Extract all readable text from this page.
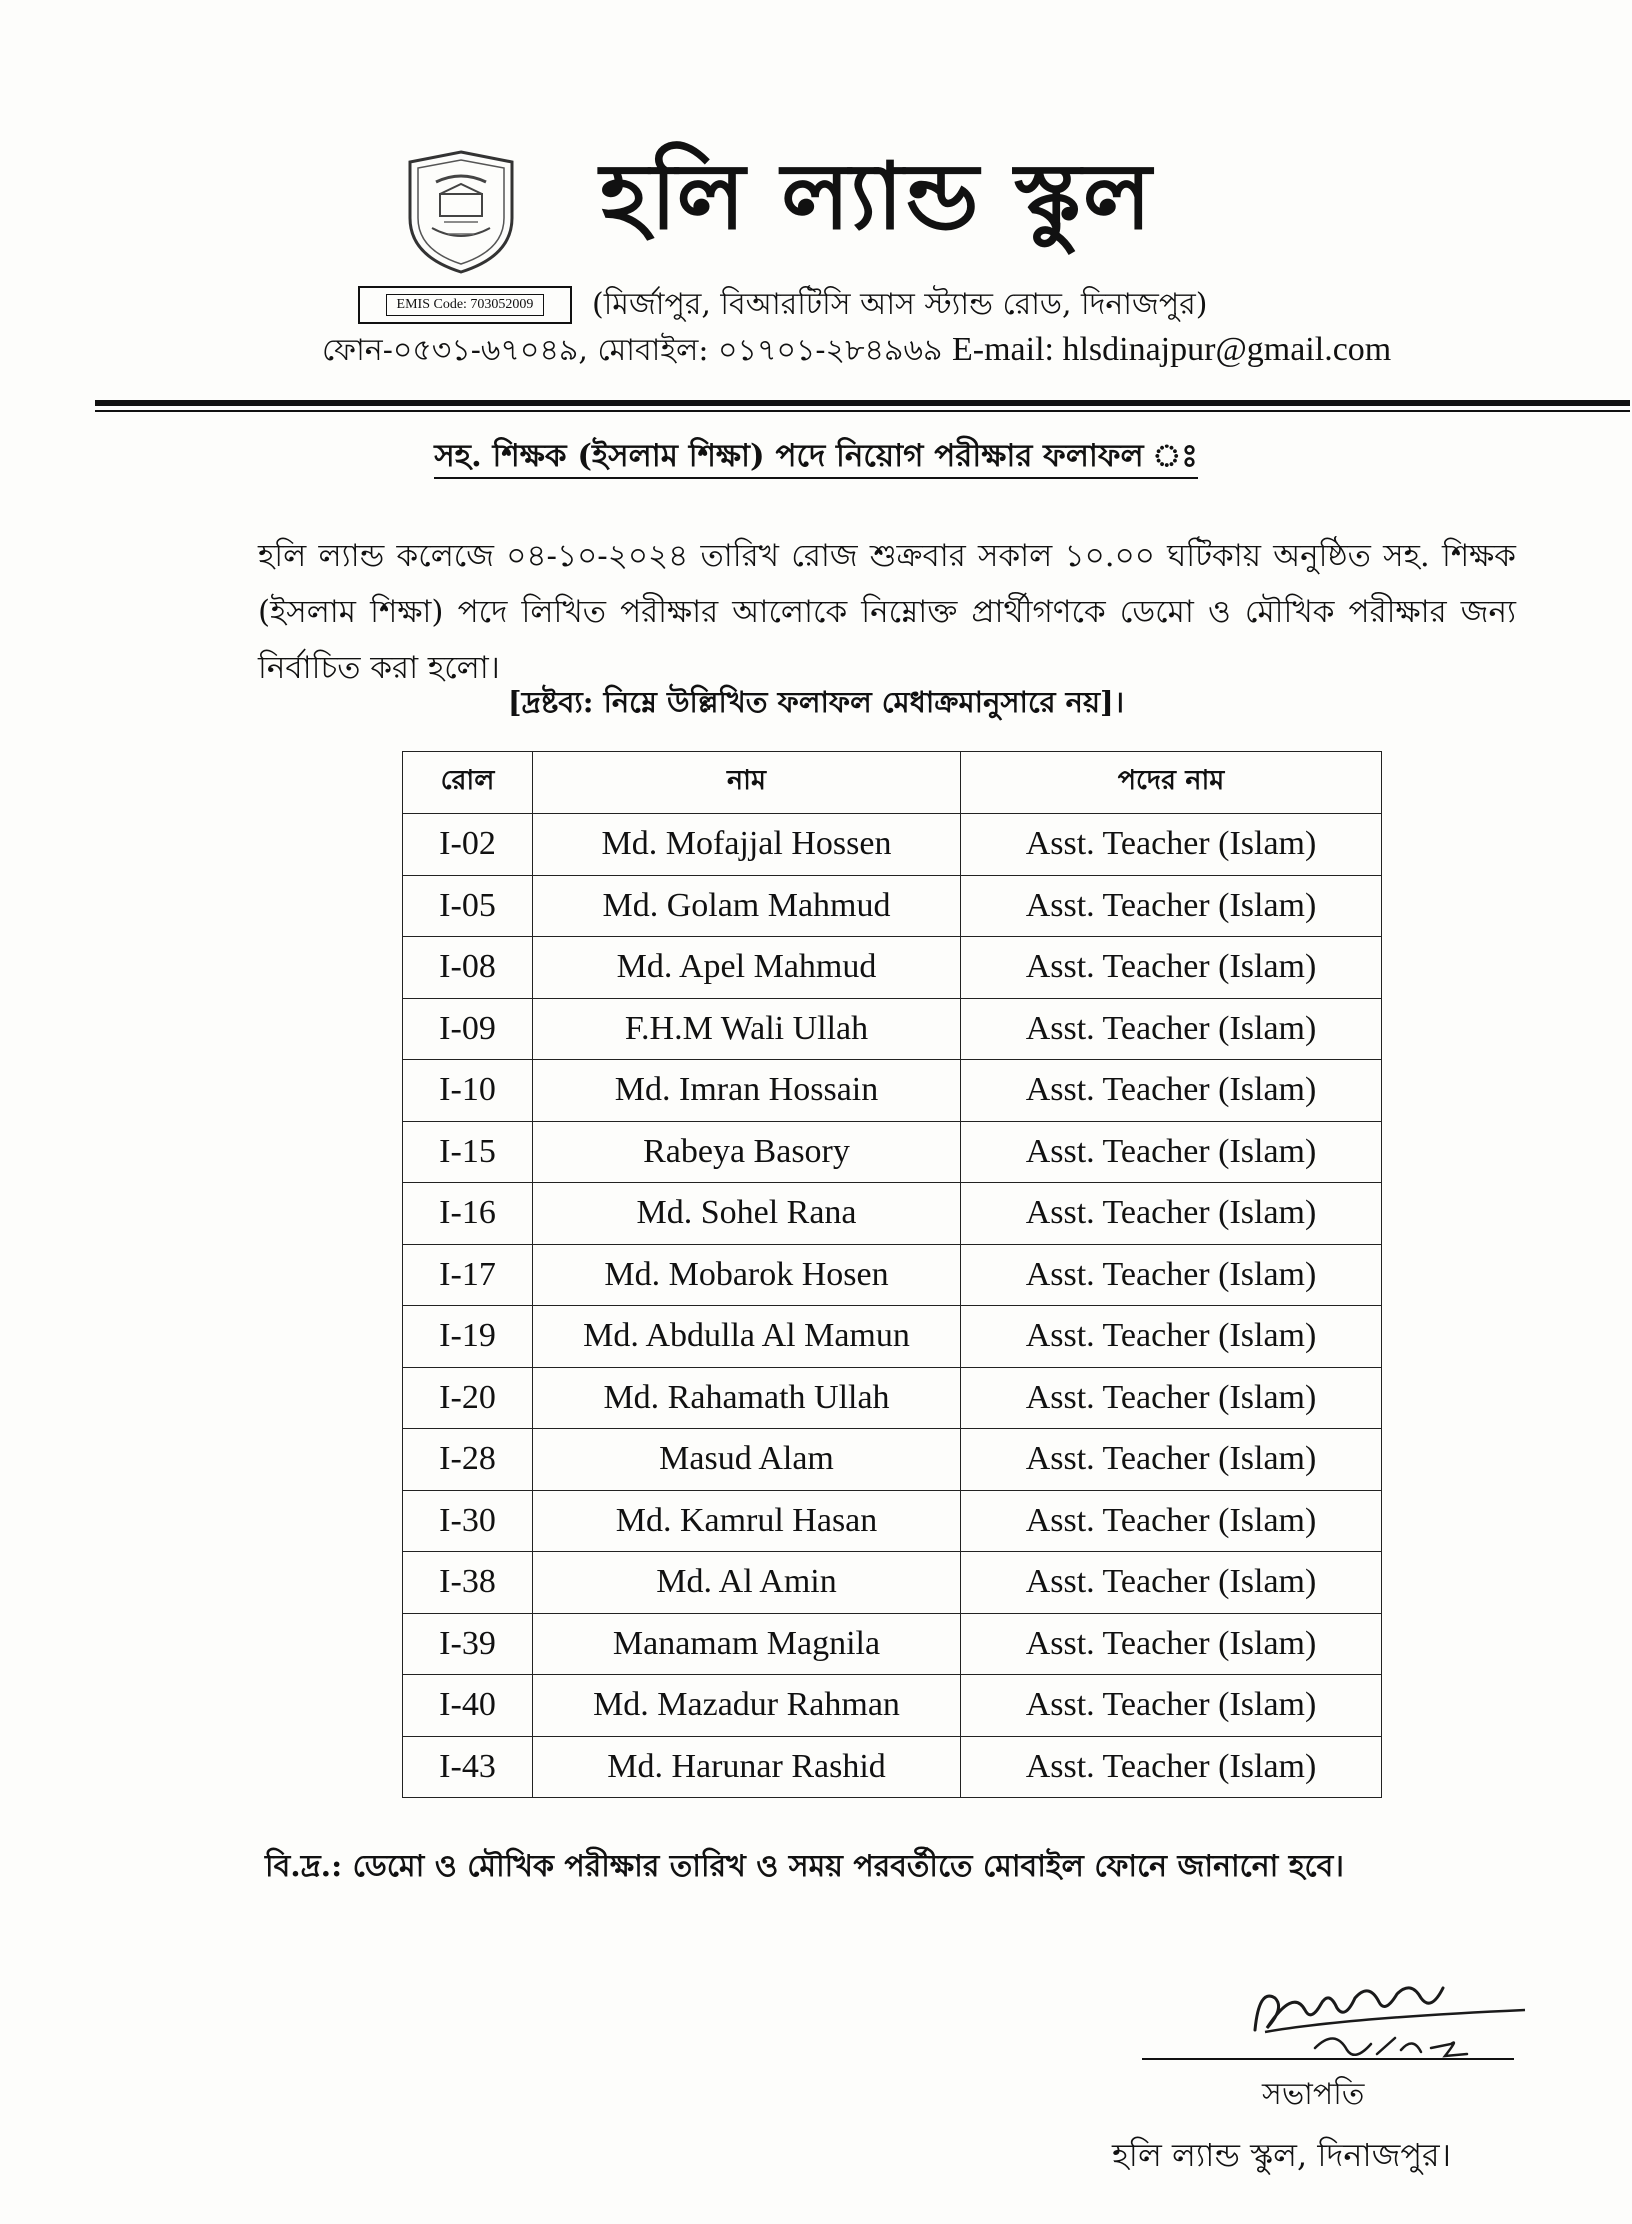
হলি ল্যান্ড স্কুল
EMIS Code: 703052009	(মির্জাপুর, বিআরটিসি আস স্ট্যান্ড রোড, দিনাজপুর)
ফোন-০৫৩১-৬৭০৪৯, মোবাইল: ০১৭০১-২৮৪৯৬৯ E-mail: hlsdinajpur@gmail.com
সহ. শিক্ষক (ইসলাম শিক্ষা) পদে নিয়োগ পরীক্ষার ফলাফল ঃ
হলি ল্যান্ড কলেজে ০৪-১০-২০২৪ তারিখ রোজ শুক্রবার সকাল ১০.০০ ঘটিকায় অনুষ্ঠিত সহ. শিক্ষক (ইসলাম শিক্ষা) পদে লিখিত পরীক্ষার আলোকে নিম্নোক্ত প্রার্থীগণকে ডেমো ও মৌখিক পরীক্ষার জন্য নির্বাচিত করা হলো।
[দ্রষ্টব্য: নিম্নে উল্লিখিত ফলাফল মেধাক্রমানুসারে নয়]।
রোল	নাম	পদের নাম
I-02	Md. Mofajjal Hossen	Asst. Teacher (Islam)
I-05	Md. Golam Mahmud	Asst. Teacher (Islam)
I-08	Md. Apel Mahmud	Asst. Teacher (Islam)
I-09	F.H.M Wali Ullah	Asst. Teacher (Islam)
I-10	Md. Imran Hossain	Asst. Teacher (Islam)
I-15	Rabeya Basory	Asst. Teacher (Islam)
I-16	Md. Sohel Rana	Asst. Teacher (Islam)
I-17	Md. Mobarok Hosen	Asst. Teacher (Islam)
I-19	Md. Abdulla Al Mamun	Asst. Teacher (Islam)
I-20	Md. Rahamath Ullah	Asst. Teacher (Islam)
I-28	Masud Alam	Asst. Teacher (Islam)
I-30	Md. Kamrul Hasan	Asst. Teacher (Islam)
I-38	Md. Al Amin	Asst. Teacher (Islam)
I-39	Manamam Magnila	Asst. Teacher (Islam)
I-40	Md. Mazadur Rahman	Asst. Teacher (Islam)
I-43	Md. Harunar Rashid	Asst. Teacher (Islam)
বি.দ্র.: ডেমো ও মৌখিক পরীক্ষার তারিখ ও সময় পরবর্তীতে মোবাইল ফোনে জানানো হবে।
সভাপতি
হলি ল্যান্ড স্কুল, দিনাজপুর।
